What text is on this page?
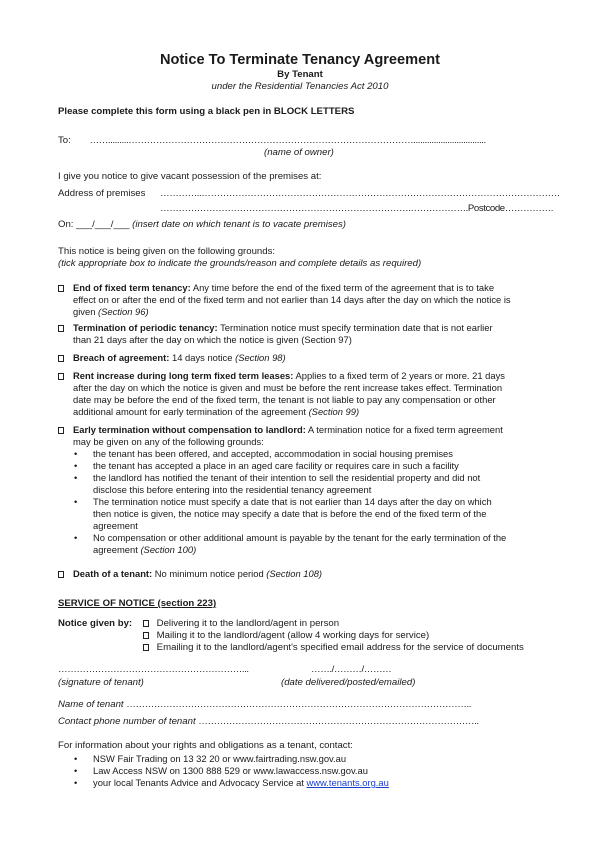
Notice To Terminate Tenancy Agreement
By Tenant
under the Residential Tenancies Act 2010
Please complete this form using a black pen in BLOCK LETTERS
To: …….........…………………………………………………………………………………................................
(name of owner)
I give you notice to give vacant possession of the premises at:
Address of premises …………..………………………………………………………………………………………………………
……………………………………………………………………….……………….Postcode…………….
On: ___/___/___ (insert date on which tenant is to vacate premises)
This notice is being given on the following grounds:
(tick appropriate box to indicate the grounds/reason and complete details as required)
End of fixed term tenancy: Any time before the end of the fixed term of the agreement that is to take
effect on or after the end of the fixed term and not earlier than 14 days after the day on which the notice is
given (Section 96)
Termination of periodic tenancy: Termination notice must specify termination date that is not earlier
than 21 days after the day on which the notice is given (Section 97)
Breach of agreement: 14 days notice (Section 98)
Rent increase during long term fixed term leases: Applies to a fixed term of 2 years or more. 21 days
after the day on which the notice is given and must be before the rent increase takes effect. Termination
date may be before the end of the fixed term, the tenant is not liable to pay any compensation or other
additional amount for early termination of the agreement (Section 99)
Early termination without compensation to landlord: A termination notice for a fixed term agreement
may be given on any of the following grounds:
• the tenant has been offered, and accepted, accommodation in social housing premises
• the tenant has accepted a place in an aged care facility or requires care in such a facility
• the landlord has notified the tenant of their intention to sell the residential property and did not
disclose this before entering into the residential tenancy agreement
• The termination notice must specify a date that is not earlier than 14 days after the day on which
then notice is given, the notice may specify a date that is before the end of the fixed term of the
agreement
• No compensation or other additional amount is payable by the tenant for the early termination of the
agreement (Section 100)
Death of a tenant: No minimum notice period (Section 108)
SERVICE OF NOTICE (section 223)
Notice given by:	Delivering it to the landlord/agent in person
Mailing it to the landlord/agent (allow 4 working days for service)
Emailing it to the landlord/agent's specified email address for the service of documents
……………………………………………………...	……./………/………
(signature of tenant)	(date delivered/posted/emailed)
Name of tenant …………………………………………………………………………………………………..
Contact phone number of tenant ………………………………………………………………………………..
For information about your rights and obligations as a tenant, contact:
• NSW Fair Trading on 13 32 20 or www.fairtrading.nsw.gov.au
• Law Access NSW on 1300 888 529 or www.lawaccess.nsw.gov.au
• your local Tenants Advice and Advocacy Service at www.tenants.org.au
